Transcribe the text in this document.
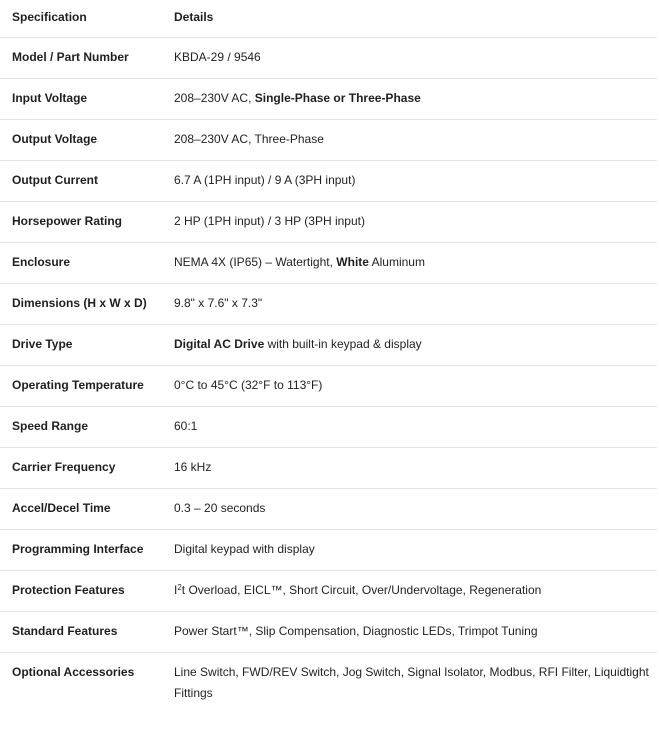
Specification	Details
Model / Part Number	KBDA-29 / 9546
Input Voltage	208–230V AC, Single-Phase or Three-Phase
Output Voltage	208–230V AC, Three-Phase
Output Current	6.7 A (1PH input) / 9 A (3PH input)
Horsepower Rating	2 HP (1PH input) / 3 HP (3PH input)
Enclosure	NEMA 4X (IP65) – Watertight, White Aluminum
Dimensions (H x W x D)	9.8" x 7.6" x 7.3"
Drive Type	Digital AC Drive with built-in keypad & display
Operating Temperature	0°C to 45°C (32°F to 113°F)
Speed Range	60:1
Carrier Frequency	16 kHz
Accel/Decel Time	0.3 – 20 seconds
Programming Interface	Digital keypad with display
Protection Features	$I^2t$ Overload, EICL™, Short Circuit, Over/Undervoltage, Regeneration
Standard Features	Power Start™, Slip Compensation, Diagnostic LEDs, Trimpot Tuning
Optional Accessories	Line Switch, FWD/REV Switch, Jog Switch, Signal Isolator, Modbus, RFI Filter, Liquidtight Fittings
